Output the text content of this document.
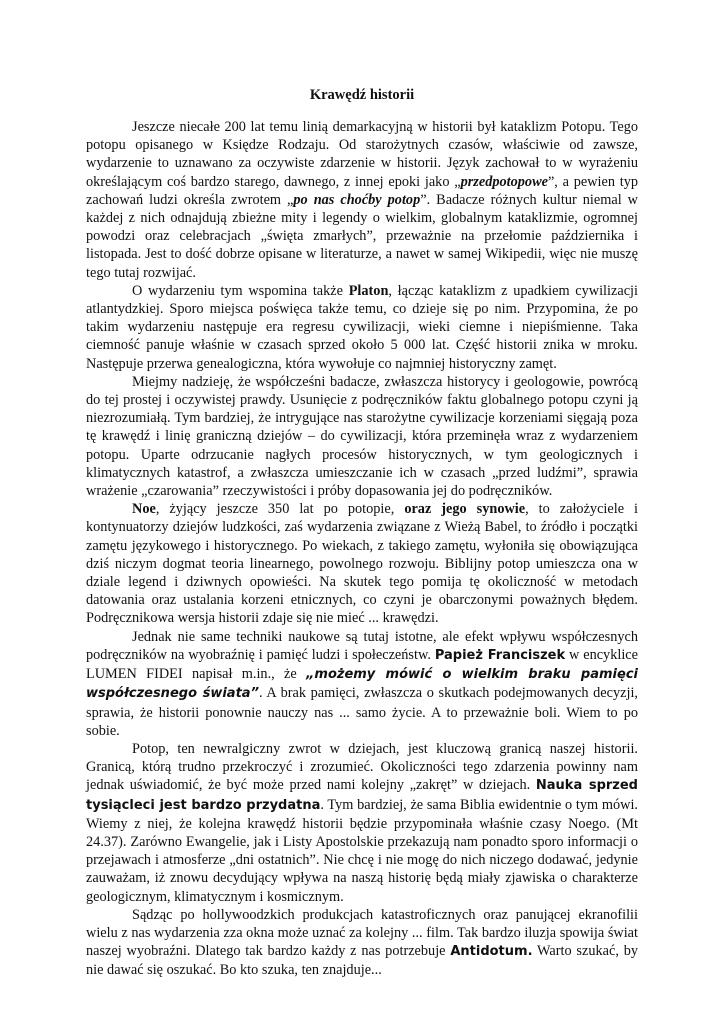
Krawędź historii

Jeszcze niecałe 200 lat temu linią demarkacyjną w historii był kataklizm Potopu. Tego potopu opisanego w Księdze Rodzaju. Od starożytnych czasów, właściwie od zawsze, wydarzenie to uznawano za oczywiste zdarzenie w historii. Język zachował to w wyrażeniu określającym coś bardzo starego, dawnego, z innej epoki jako „przedpotopowe”, a pewien typ zachowań ludzi określa zwrotem „po nas choćby potop”. Badacze różnych kultur niemal w każdej z nich odnajdują zbieżne mity i legendy o wielkim, globalnym kataklizmie, ogromnej powodzi oraz celebracjach „święta zmarłych”, przeważnie na przełomie października i listopada. Jest to dość dobrze opisane w literaturze, a nawet w samej Wikipedii, więc nie muszę tego tutaj rozwijać.

O wydarzeniu tym wspomina także Platon, łącząc kataklizm z upadkiem cywilizacji atlantydzkiej. Sporo miejsca poświęca także temu, co dzieje się po nim. Przypomina, że po takim wydarzeniu następuje era regresu cywilizacji, wieki ciemne i niepiśmienne. Taka ciemność panuje właśnie w czasach sprzed około 5 000 lat. Część historii znika w mroku. Następuje przerwa genealogiczna, która wywołuje co najmniej historyczny zamęt.

Miejmy nadzieję, że współcześni badacze, zwłaszcza historycy i geologowie, powrócą do tej prostej i oczywistej prawdy. Usunięcie z podręczników faktu globalnego potopu czyni ją niezrozumiałą. Tym bardziej, że intrygujące nas starożytne cywilizacje korzeniami sięgają poza tę krawędź i linię graniczną dziejów – do cywilizacji, która przeminęła wraz z wydarzeniem potopu. Uparte odrzucanie nagłych procesów historycznych, w tym geologicznych i klimatycznych katastrof, a zwłaszcza umieszczanie ich w czasach „przed ludźmi”, sprawia wrażenie „czarowania” rzeczywistości i próby dopasowania jej do podręczników.

Noe, żyjący jeszcze 350 lat po potopie, oraz jego synowie, to założyciele i kontynuatorzy dziejów ludzkości, zaś wydarzenia związane z Wieżą Babel, to źródło i początki zamętu językowego i historycznego. Po wiekach, z takiego zamętu, wyłoniła się obowiązująca dziś niczym dogmat teoria linearnego, powolnego rozwoju. Biblijny potop umieszcza ona w dziale legend i dziwnych opowieści. Na skutek tego pomija tę okoliczność w metodach datowania oraz ustalania korzeni etnicznych, co czyni je obarczonymi poważnych błędem. Podręcznikowa wersja historii zdaje się nie mieć ... krawędzi.

Jednak nie same techniki naukowe są tutaj istotne, ale efekt wpływu współczesnych podręczników na wyobraźnię i pamięć ludzi i społeczeństw. Papież Franciszek w encyklice LUMEN FIDEI napisał m.in., że „możemy mówić o wielkim braku pamięci współczesnego świata”. A brak pamięci, zwłaszcza o skutkach podejmowanych decyzji, sprawia, że historii ponownie nauczy nas ... samo życie. A to przeważnie boli. Wiem to po sobie.

Potop, ten newralgiczny zwrot w dziejach, jest kluczową granicą naszej historii. Granicą, którą trudno przekroczyć i zrozumieć. Okoliczności tego zdarzenia powinny nam jednak uświadomić, że być może przed nami kolejny „zakręt” w dziejach. Nauka sprzed tysiącleci jest bardzo przydatna. Tym bardziej, że sama Biblia ewidentnie o tym mówi. Wiemy z niej, że kolejna krawędź historii będzie przypominała właśnie czasy Noego. (Mt 24.37). Zarówno Ewangelie, jak i Listy Apostolskie przekazują nam ponadto sporo informacji o przejawach i atmosferze „dni ostatnich”. Nie chcę i nie mogę do nich niczego dodawać, jedynie zauważam, iż znowu decydujący wpływa na naszą historię będą miały zjawiska o charakterze geologicznym, klimatycznym i kosmicznym.

Sądząc po hollywoodzkich produkcjach katastroficznych oraz panującej ekranofilii wielu z nas wydarzenia zza okna może uznać za kolejny ... film. Tak bardzo iluzja spowija świat naszej wyobraźni. Dlatego tak bardzo każdy z nas potrzebuje Antidotum. Warto szukać, by nie dawać się oszukać. Bo kto szuka, ten znajduje...
